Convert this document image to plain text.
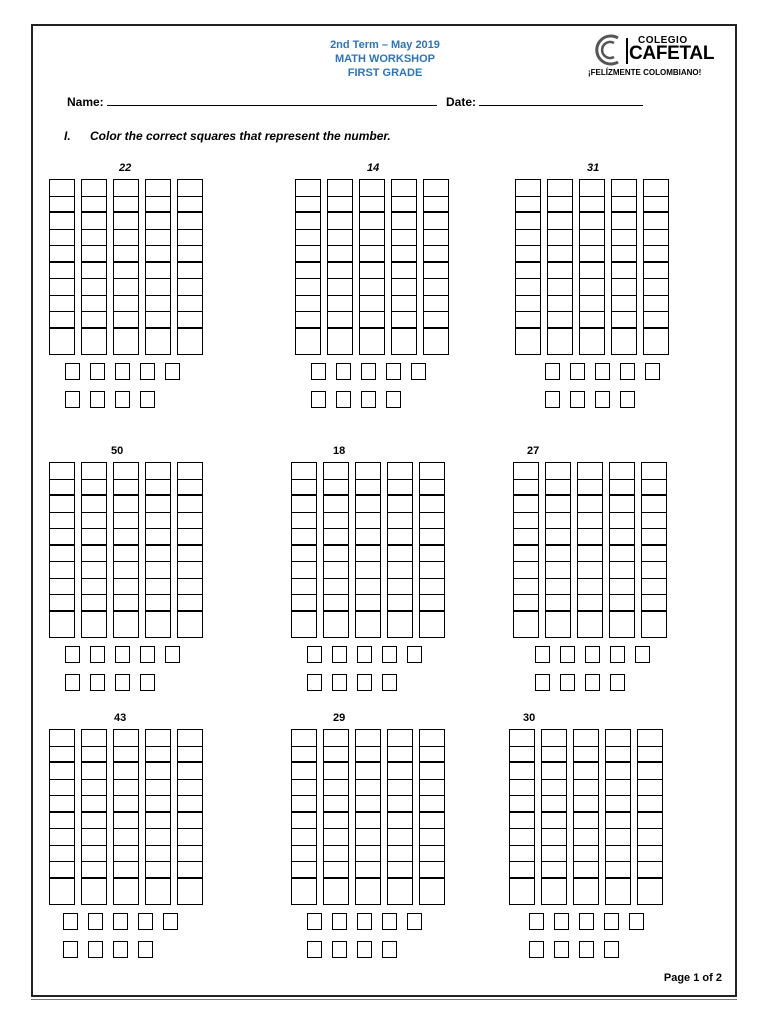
2nd Term – May 2019
MATH WORKSHOP
FIRST GRADE
COLEGIO
CAFETAL
¡FELÍZMENTE COLOMBIANO!
Name:	Date:
I. Color the correct squares that represent the number.
22	14	31
50	18	27
43	29	30
Page 1 of 2
